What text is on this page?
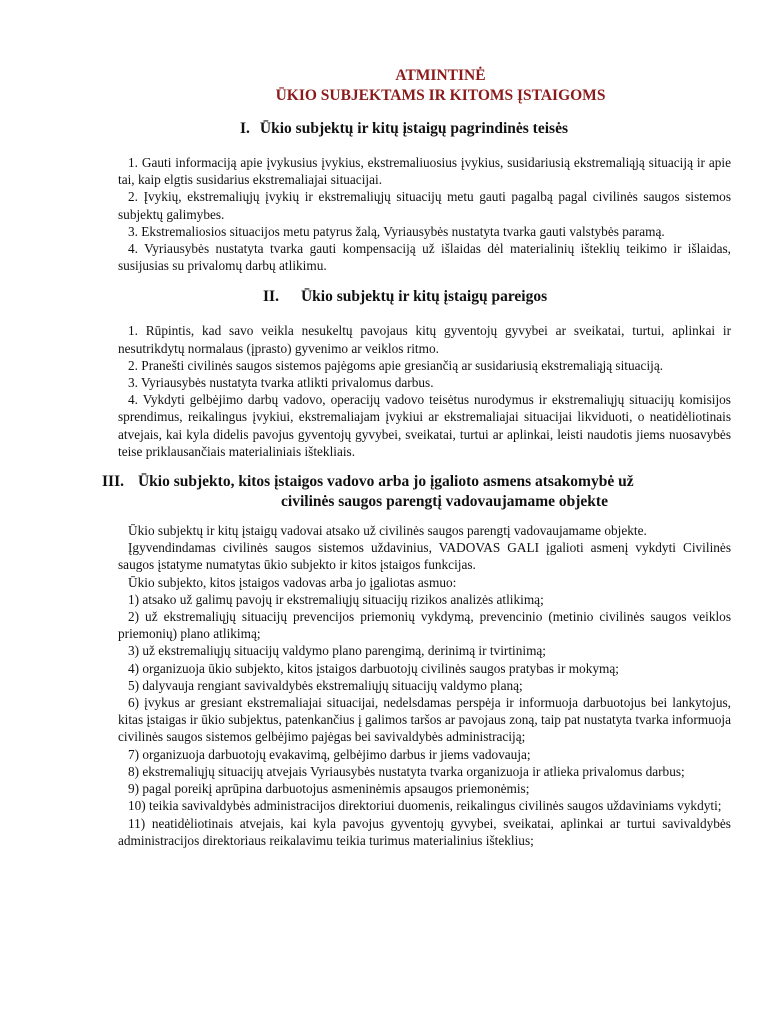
ATMINTINĖ

ŪKIO SUBJEKTAMS IR KITOMS ĮSTAIGOMS

I. Ūkio subjektų ir kitų įstaigų pagrindinės teisės

1. Gauti informaciją apie įvykusius įvykius, ekstremaliuosius įvykius, susidariusią ekstremaliąją situaciją ir apie tai, kaip elgtis susidarius ekstremaliajai situacijai.

2. Įvykių, ekstremaliųjų įvykių ir ekstremaliųjų situacijų metu gauti pagalbą pagal civilinės saugos sistemos subjektų galimybes.

3. Ekstremaliosios situacijos metu patyrus žalą, Vyriausybės nustatyta tvarka gauti valstybės paramą.

4. Vyriausybės nustatyta tvarka gauti kompensaciją už išlaidas dėl materialinių išteklių teikimo ir išlaidas, susijusias su privalomų darbų atlikimu.

II. Ūkio subjektų ir kitų įstaigų pareigos

1. Rūpintis, kad savo veikla nesukeltų pavojaus kitų gyventojų gyvybei ar sveikatai, turtui, aplinkai ir nesutrikdytų normalaus (įprasto) gyvenimo ar veiklos ritmo.

2. Pranešti civilinės saugos sistemos pajėgoms apie gresiančią ar susidariusią ekstremaliąją situaciją.

3. Vyriausybės nustatyta tvarka atlikti privalomus darbus.

4. Vykdyti gelbėjimo darbų vadovo, operacijų vadovo teisėtus nurodymus ir ekstremaliųjų situacijų komisijos sprendimus, reikalingus įvykiui, ekstremaliajam įvykiui ar ekstremaliajai situacijai likviduoti, o neatidėliotinais atvejais, kai kyla didelis pavojus gyventojų gyvybei, sveikatai, turtui ar aplinkai, leisti naudotis jiems nuosavybės teise priklausančiais materialiniais ištekliais.

III. Ūkio subjekto, kitos įstaigos vadovo arba jo įgalioto asmens atsakomybė už

civilinės saugos parengtį vadovaujamame objekte

Ūkio subjektų ir kitų įstaigų vadovai atsako už civilinės saugos parengtį vadovaujamame objekte.

Įgyvendindamas civilinės saugos sistemos uždavinius, VADOVAS GALI įgalioti asmenį vykdyti Civilinės saugos įstatyme numatytas ūkio subjekto ir kitos įstaigos funkcijas.

Ūkio subjekto, kitos įstaigos vadovas arba jo įgaliotas asmuo:

1) atsako už galimų pavojų ir ekstremaliųjų situacijų rizikos analizės atlikimą;

2) už ekstremaliųjų situacijų prevencijos priemonių vykdymą, prevencinio (metinio civilinės saugos veiklos priemonių) plano atlikimą;

3) už ekstremaliųjų situacijų valdymo plano parengimą, derinimą ir tvirtinimą;

4) organizuoja ūkio subjekto, kitos įstaigos darbuotojų civilinės saugos pratybas ir mokymą;

5) dalyvauja rengiant savivaldybės ekstremaliųjų situacijų valdymo planą;

6) įvykus ar gresiant ekstremaliajai situacijai, nedelsdamas perspėja ir informuoja darbuotojus bei lankytojus, kitas įstaigas ir ūkio subjektus, patenkančius į galimos taršos ar pavojaus zoną, taip pat nustatyta tvarka informuoja civilinės saugos sistemos gelbėjimo pajėgas bei savivaldybės administraciją;

7) organizuoja darbuotojų evakavimą, gelbėjimo darbus ir jiems vadovauja;

8) ekstremaliųjų situacijų atvejais Vyriausybės nustatyta tvarka organizuoja ir atlieka privalomus darbus;

9) pagal poreikį aprūpina darbuotojus asmeninėmis apsaugos priemonėmis;

10) teikia savivaldybės administracijos direktoriui duomenis, reikalingus civilinės saugos uždaviniams vykdyti;

11) neatidėliotinais atvejais, kai kyla pavojus gyventojų gyvybei, sveikatai, aplinkai ar turtui savivaldybės administracijos direktoriaus reikalavimu teikia turimus materialinius išteklius;
